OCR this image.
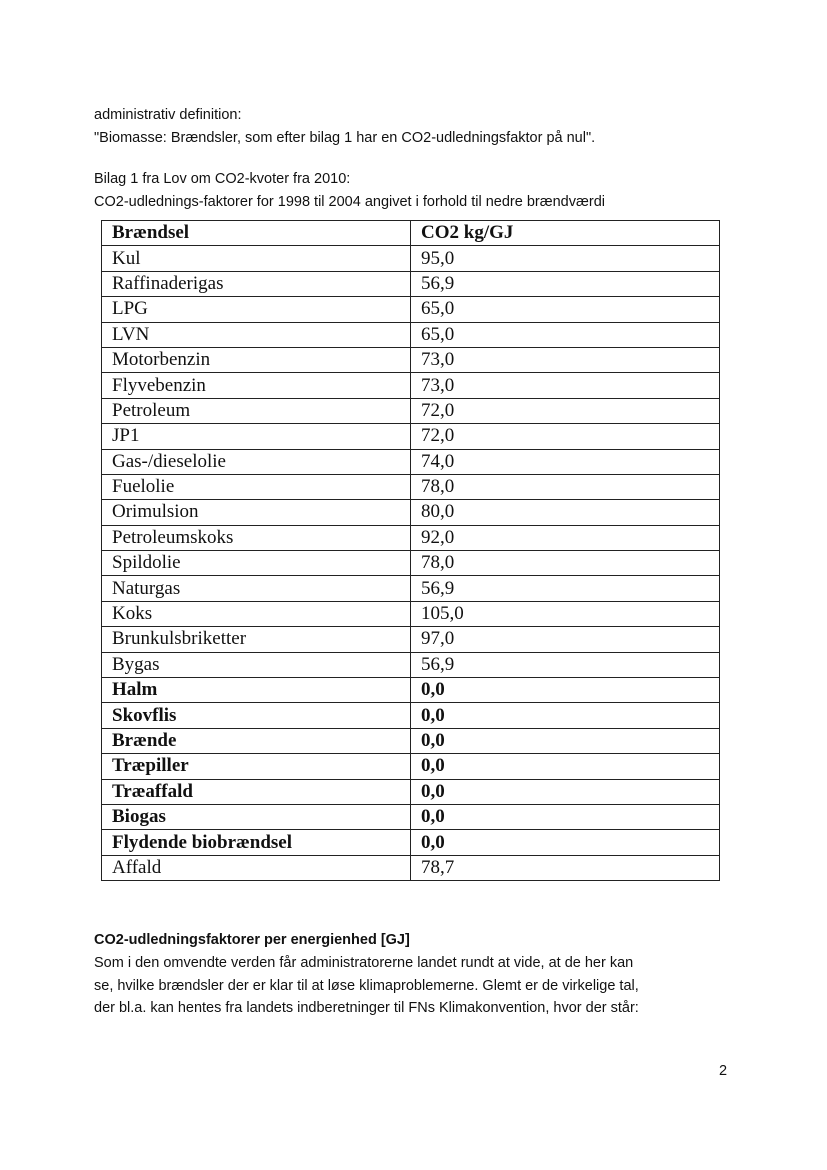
administrativ definition:
"Biomasse: Brændsler, som efter bilag 1 har en CO2-udledningsfaktor på nul".
Bilag 1 fra Lov om CO2-kvoter fra 2010:
CO2-udlednings-faktorer for 1998 til 2004 angivet i forhold til nedre brændværdi
Brændsel	CO2 kg/GJ
Kul	95,0
Raffinaderigas	56,9
LPG	65,0
LVN	65,0
Motorbenzin	73,0
Flyvebenzin	73,0
Petroleum	72,0
JP1	72,0
Gas-/dieselolie	74,0
Fuelolie	78,0
Orimulsion	80,0
Petroleumskoks	92,0
Spildolie	78,0
Naturgas	56,9
Koks	105,0
Brunkulsbriketter	97,0
Bygas	56,9
Halm	0,0
Skovflis	0,0
Brænde	0,0
Træpiller	0,0
Træaffald	0,0
Biogas	0,0
Flydende biobrændsel	0,0
Affald	78,7
CO2-udledningsfaktorer per energienhed [GJ]
Som i den omvendte verden får administratorerne landet rundt at vide, at de her kan
se, hvilke brændsler der er klar til at løse klimaproblemerne. Glemt er de virkelige tal,
der bl.a. kan hentes fra landets indberetninger til FNs Klimakonvention, hvor der står:
2
